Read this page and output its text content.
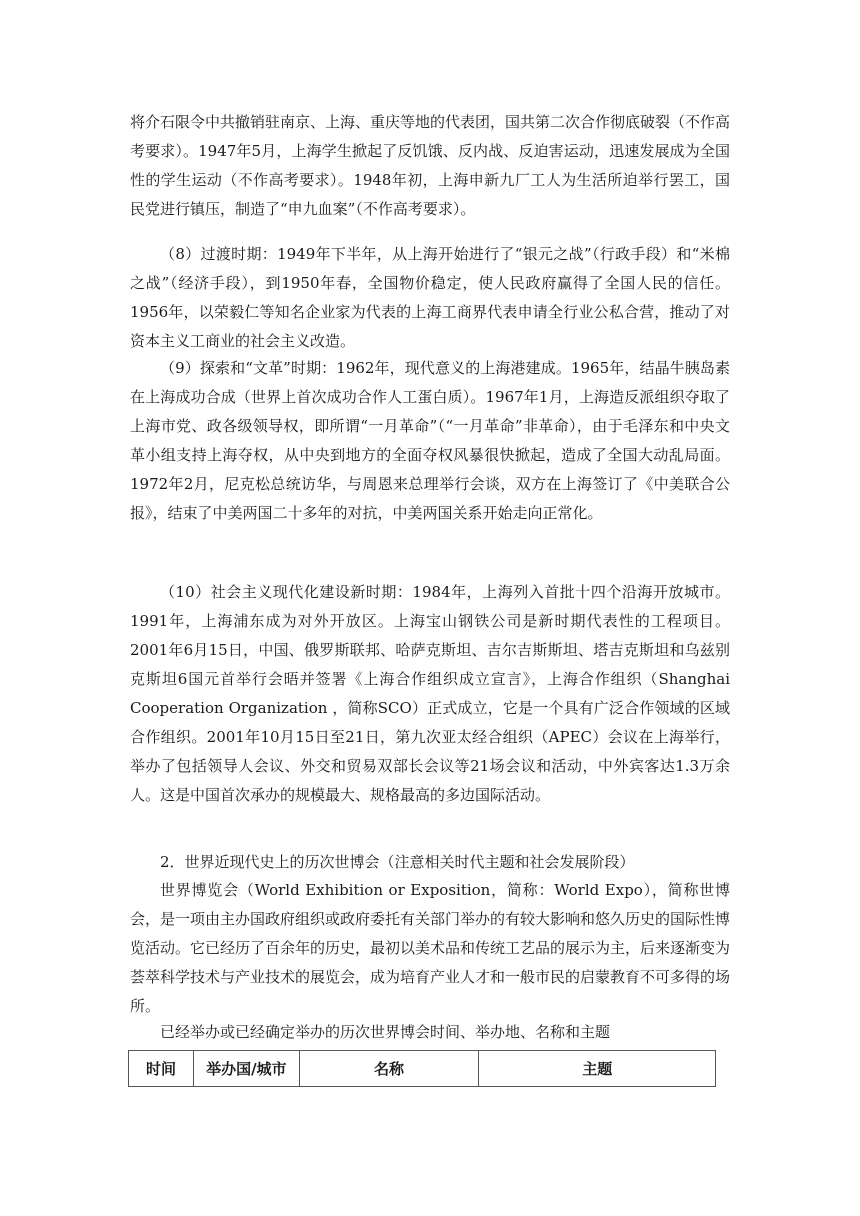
将介石限令中共撤销驻南京、上海、重庆等地的代表团，国共第二次合作彻底破裂（不作高考要求）。1947年5月，上海学生掀起了反饥饿、反内战、反迫害运动，迅速发展成为全国性的学生运动（不作高考要求）。1948年初，上海申新九厂工人为生活所迫举行罢工，国民党进行镇压，制造了“申九血案”（不作高考要求）。

（8）过渡时期：1949年下半年，从上海开始进行了“银元之战”（行政手段）和“米棉之战”（经济手段），到1950年春，全国物价稳定，使人民政府赢得了全国人民的信任。1956年，以荣毅仁等知名企业家为代表的上海工商界代表申请全行业公私合营，推动了对资本主义工商业的社会主义改造。

（9）探索和“文革”时期：1962年，现代意义的上海港建成。1965年，结晶牛胰岛素在上海成功合成（世界上首次成功合作人工蛋白质）。1967年1月，上海造反派组织夺取了上海市党、政各级领导权，即所谓“一月革命”（“一月革命”非革命），由于毛泽东和中央文革小组支持上海夺权，从中央到地方的全面夺权风暴很快掀起，造成了全国大动乱局面。1972年2月，尼克松总统访华，与周恩来总理举行会谈，双方在上海签订了《中美联合公报》，结束了中美两国二十多年的对抗，中美两国关系开始走向正常化。

（10）社会主义现代化建设新时期：1984年，上海列入首批十四个沿海开放城市。1991年，上海浦东成为对外开放区。上海宝山钢铁公司是新时期代表性的工程项目。2001年6月15日，中国、俄罗斯联邦、哈萨克斯坦、吉尔吉斯斯坦、塔吉克斯坦和乌兹别克斯坦6国元首举行会晤并签署《上海合作组织成立宣言》，上海合作组织（Shanghai Cooperation Organization ，简称SCO）正式成立，它是一个具有广泛合作领域的区域合作组织。2001年10月15日至21日，第九次亚太经合组织（APEC）会议在上海举行，举办了包括领导人会议、外交和贸易双部长会议等21场会议和活动，中外宾客达1.3万余人。这是中国首次承办的规模最大、规格最高的多边国际活动。

2．世界近现代史上的历次世博会（注意相关时代主题和社会发展阶段）

世界博览会（World Exhibition or Exposition，简称：World Expo），简称世博会，是一项由主办国政府组织或政府委托有关部门举办的有较大影响和悠久历史的国际性博览活动。它已经历了百余年的历史，最初以美术品和传统工艺品的展示为主，后来逐渐变为荟萃科学技术与产业技术的展览会，成为培育产业人才和一般市民的启蒙教育不可多得的场所。

已经举办或已经确定举办的历次世界博会时间、举办地、名称和主题

时间	举办国/城市	名称	主题
